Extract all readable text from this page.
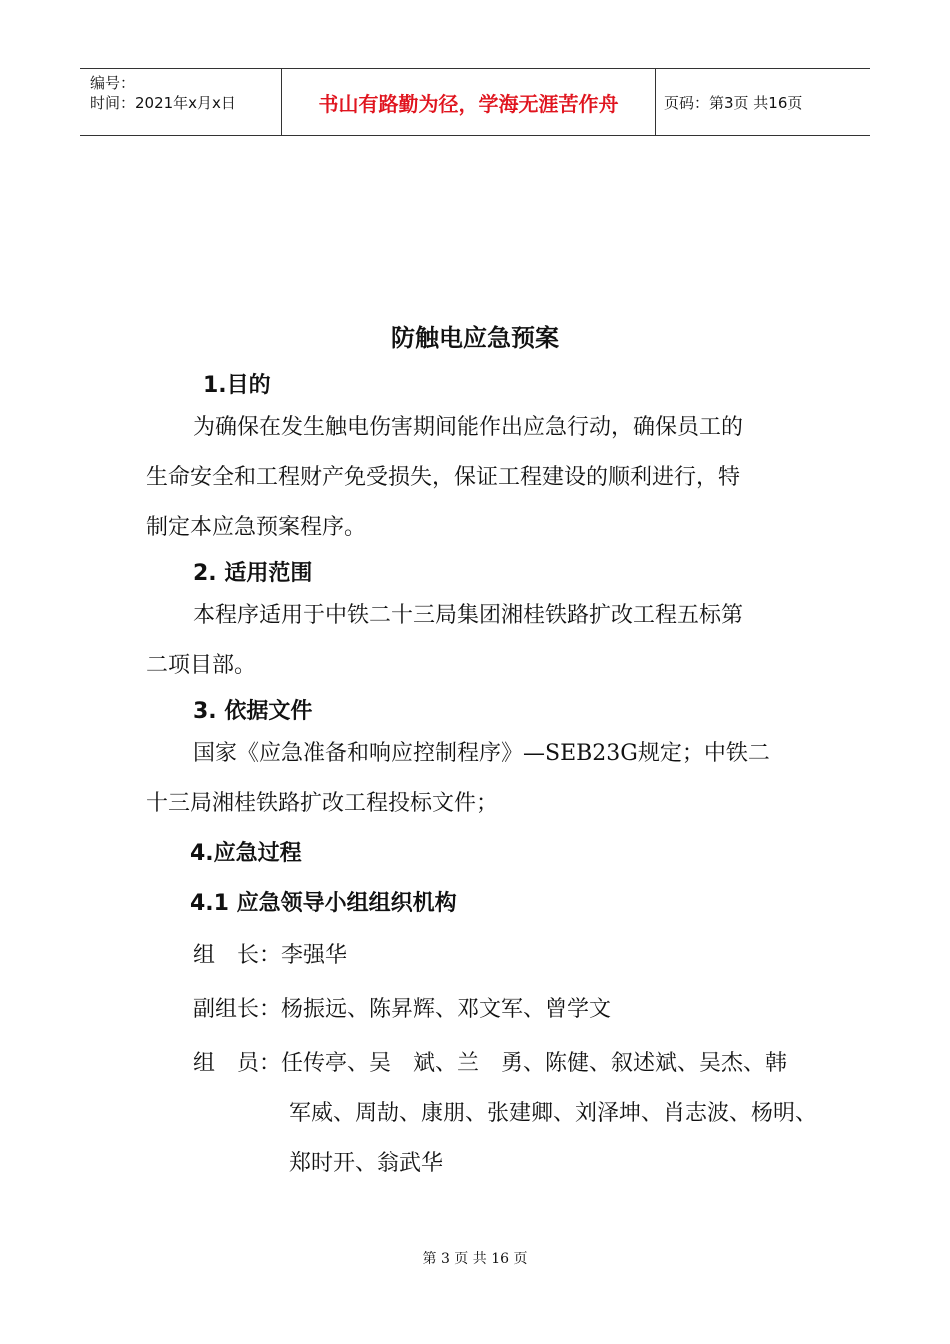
编号：
时间：2021年x月x日	书山有路勤为径，学海无涯苦作舟	页码：第3页 共16页
防触电应急预案
1.目的
为确保在发生触电伤害期间能作出应急行动，确保员工的
生命安全和工程财产免受损失，保证工程建设的顺利进行，特
制定本应急预案程序。
2. 适用范围
本程序适用于中铁二十三局集团湘桂铁路扩改工程五标第
二项目部。
3. 依据文件
国家《应急准备和响应控制程序》—SEB23G规定；中铁二
十三局湘桂铁路扩改工程投标文件；
4.应急过程
4.1 应急领导小组组织机构
组　长：李强华
副组长：杨振远、陈昇辉、邓文军、曾学文
组　员：任传亭、吴　斌、兰　勇、陈健、叙述斌、吴杰、韩
军威、周劼、康朋、张建卿、刘泽坤、肖志波、杨明、
郑时开、翁武华
第 3 页 共 16 页
